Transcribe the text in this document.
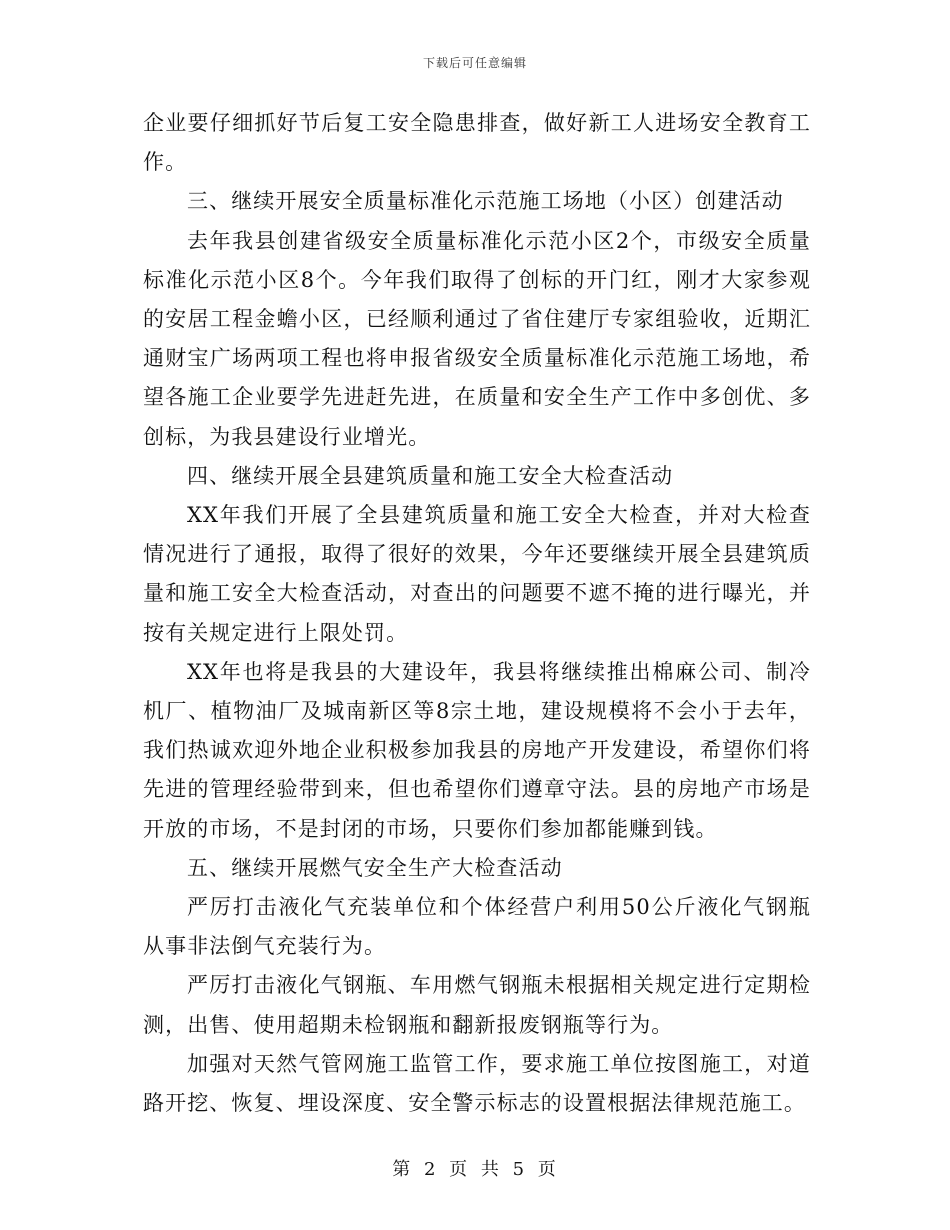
下载后可任意编辑

企业要仔细抓好节后复工安全隐患排查，做好新工人进场安全教育工作。

三、继续开展安全质量标准化示范施工场地（小区）创建活动

去年我县创建省级安全质量标准化示范小区2个，市级安全质量标准化示范小区8个。今年我们取得了创标的开门红，刚才大家参观的安居工程金蟾小区，已经顺利通过了省住建厅专家组验收，近期汇通财宝广场两项工程也将申报省级安全质量标准化示范施工场地，希望各施工企业要学先进赶先进，在质量和安全生产工作中多创优、多创标，为我县建设行业增光。

四、继续开展全县建筑质量和施工安全大检查活动

XX年我们开展了全县建筑质量和施工安全大检查，并对大检查情况进行了通报，取得了很好的效果，今年还要继续开展全县建筑质量和施工安全大检查活动，对查出的问题要不遮不掩的进行曝光，并按有关规定进行上限处罚。

XX年也将是我县的大建设年，我县将继续推出棉麻公司、制冷机厂、植物油厂及城南新区等8宗土地，建设规模将不会小于去年，我们热诚欢迎外地企业积极参加我县的房地产开发建设，希望你们将先进的管理经验带到来，但也希望你们遵章守法。县的房地产市场是开放的市场，不是封闭的市场，只要你们参加都能赚到钱。

五、继续开展燃气安全生产大检查活动

严厉打击液化气充装单位和个体经营户利用50公斤液化气钢瓶从事非法倒气充装行为。

严厉打击液化气钢瓶、车用燃气钢瓶未根据相关规定进行定期检测，出售、使用超期未检钢瓶和翻新报废钢瓶等行为。

加强对天然气管网施工监管工作，要求施工单位按图施工，对道路开挖、恢复、埋设深度、安全警示标志的设置根据法律规范施工。

第 2 页 共 5 页
